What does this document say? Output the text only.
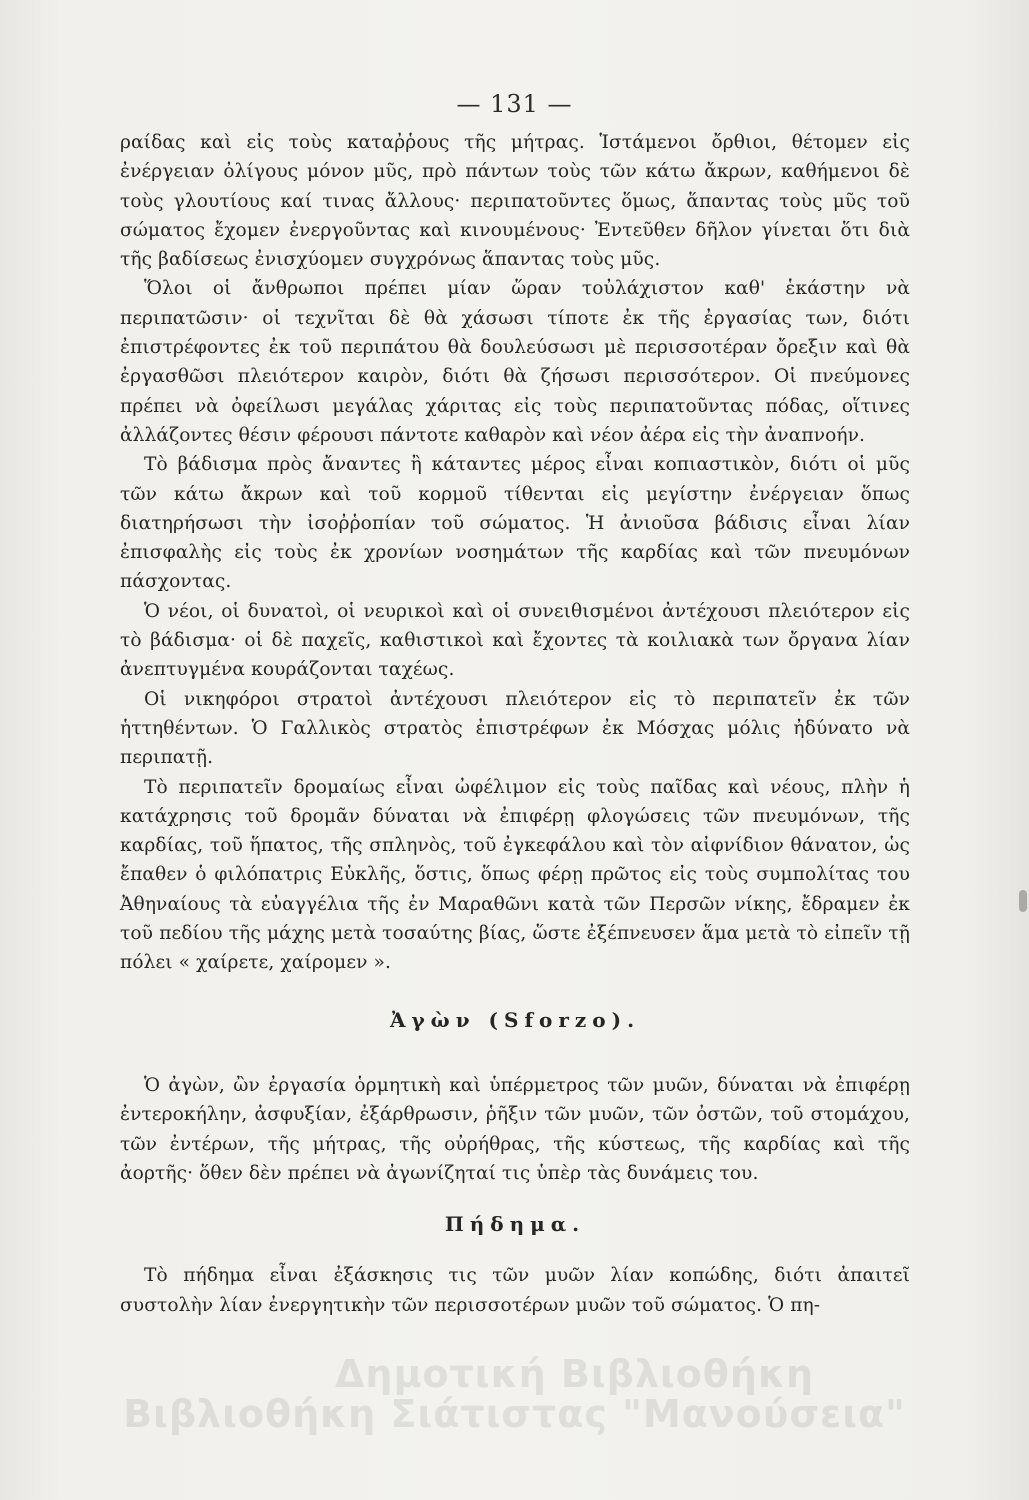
— 131 —

ραίδας καὶ εἰς τοὺς καταῤῥους τῆς μήτρας. Ἱστάμενοι ὄρθιοι, θέτομεν εἰς ἐνέργειαν ὀλίγους μόνον μῦς, πρὸ πάντων τοὺς τῶν κάτω ἄκρων, καθήμενοι δὲ τοὺς γλουτίους καί τινας ἄλλους· περιπατοῦντες ὅμως, ἅπαντας τοὺς μῦς τοῦ σώματος ἔχομεν ἐνεργοῦντας καὶ κινουμένους· Ἐντεῦθεν δῆλον γίνεται ὅτι διὰ τῆς βαδίσεως ἐνισχύομεν συγχρόνως ἅπαντας τοὺς μῦς.

Ὅλοι οἱ ἄνθρωποι πρέπει μίαν ὥραν τοὐλάχιστον καθ' ἑκάστην νὰ περιπατῶσιν· οἱ τεχνῖται δὲ θὰ χάσωσι τίποτε ἐκ τῆς ἐργασίας των, διότι ἐπιστρέφοντες ἐκ τοῦ περιπάτου θὰ δουλεύσωσι μὲ περισσοτέραν ὄρεξιν καὶ θὰ ἐργασθῶσι πλειότερον καιρὸν, διότι θὰ ζήσωσι περισσότερον. Οἱ πνεύμονες πρέπει νὰ ὀφείλωσι μεγάλας χάριτας εἰς τοὺς περιπατοῦντας πόδας, οἵτινες ἀλλάζοντες θέσιν φέρουσι πάντοτε καθαρὸν καὶ νέον ἀέρα εἰς τὴν ἀναπνοήν.

Τὸ βάδισμα πρὸς ἄναντες ἢ κάταντες μέρος εἶναι κοπιαστικὸν, διότι οἱ μῦς τῶν κάτω ἄκρων καὶ τοῦ κορμοῦ τίθενται εἰς μεγίστην ἐνέργειαν ὅπως διατηρήσωσι τὴν ἰσοῤῥοπίαν τοῦ σώματος. Ἡ ἀνιοῦσα βάδισις εἶναι λίαν ἐπισφαλὴς εἰς τοὺς ἐκ χρονίων νοσημάτων τῆς καρδίας καὶ τῶν πνευμόνων πάσχοντας.

Ὁ νέοι, οἱ δυνατοὶ, οἱ νευρικοὶ καὶ οἱ συνειθισμένοι ἀντέχουσι πλειότερον εἰς τὸ βάδισμα· οἱ δὲ παχεῖς, καθιστικοὶ καὶ ἔχοντες τὰ κοιλιακὰ των ὄργανα λίαν ἀνεπτυγμένα κουράζονται ταχέως.

Οἱ νικηφόροι στρατοὶ ἀντέχουσι πλειότερον εἰς τὸ περιπατεῖν ἐκ τῶν ἡττηθέντων. Ὁ Γαλλικὸς στρατὸς ἐπιστρέφων ἐκ Μόσχας μόλις ἠδύνατο νὰ περιπατῇ.

Τὸ περιπατεῖν δρομαίως εἶναι ὠφέλιμον εἰς τοὺς παῖδας καὶ νέους, πλὴν ἡ κατάχρησις τοῦ δρομᾶν δύναται νὰ ἐπιφέρῃ φλογώσεις τῶν πνευμόνων, τῆς καρδίας, τοῦ ἥπατος, τῆς σπληνὸς, τοῦ ἐγκεφάλου καὶ τὸν αἰφνίδιον θάνατον, ὡς ἔπαθεν ὁ φιλόπατρις Εὐκλῆς, ὅστις, ὅπως φέρῃ πρῶτος εἰς τοὺς συμπολίτας του Ἀθηναίους τὰ εὐαγγέλια τῆς ἐν Μαραθῶνι κατὰ τῶν Περσῶν νίκης, ἔδραμεν ἐκ τοῦ πεδίου τῆς μάχης μετὰ τοσαύτης βίας, ὥστε ἐξέπνευσεν ἅμα μετὰ τὸ εἰπεῖν τῇ πόλει « χαίρετε, χαίρομεν ».

Ἀγὼν (Sforzo).

Ὁ ἀγὼν, ὢν ἐργασία ὁρμητικὴ καὶ ὑπέρμετρος τῶν μυῶν, δύναται νὰ ἐπιφέρῃ ἐντεροκήλην, ἀσφυξίαν, ἐξάρθρωσιν, ῥῆξιν τῶν μυῶν, τῶν ὀστῶν, τοῦ στομάχου, τῶν ἐντέρων, τῆς μήτρας, τῆς οὐρήθρας, τῆς κύστεως, τῆς καρδίας καὶ τῆς ἀορτῆς· ὅθεν δὲν πρέπει νὰ ἀγωνίζηταί τις ὑπὲρ τὰς δυνάμεις του.

Πήδημα.

Τὸ πήδημα εἶναι ἐξάσκησις τις τῶν μυῶν λίαν κοπώδης, διότι ἀπαιτεῖ συστολὴν λίαν ἐνεργητικὴν τῶν περισσοτέρων μυῶν τοῦ σώματος. Ὁ πη-

Δημοτική Βιβλιοθήκη
Βιβλιοθήκη Σιάτιστας "Μανούσεια"
